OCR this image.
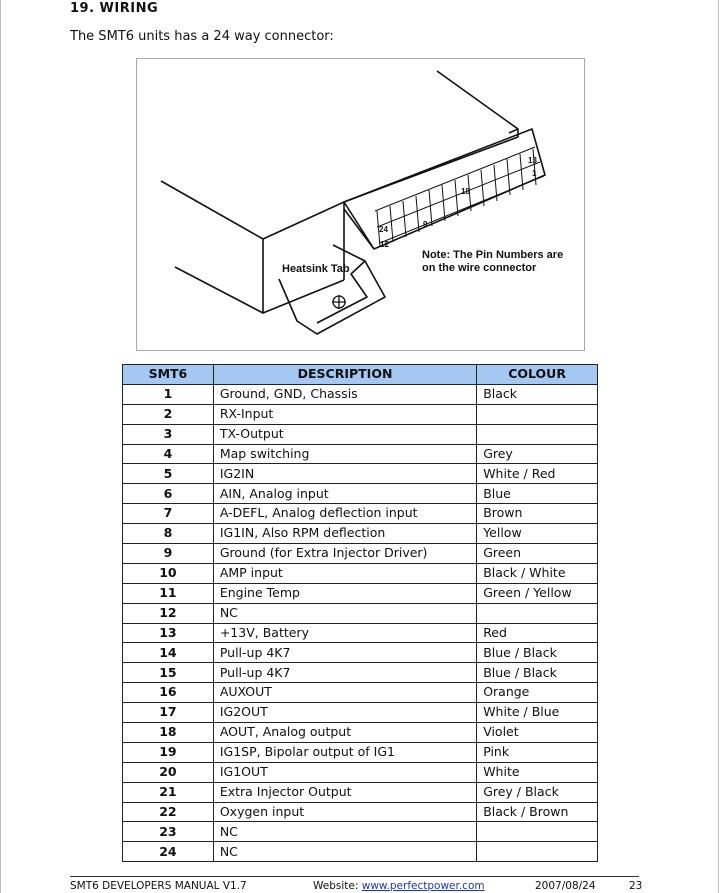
19. WIRING
The SMT6 units has a 24 way connector:
24
12
9
18
13
1
Heatsink Tab
Note: The Pin Numbers are
on the wire connector
SMT6	DESCRIPTION	COLOUR
1	Ground, GND, Chassis	Black
2	RX-Input	
3	TX-Output	
4	Map switching	Grey
5	IG2IN	White / Red
6	AIN, Analog input	Blue
7	A-DEFL, Analog deflection input	Brown
8	IG1IN, Also RPM deflection	Yellow
9	Ground (for Extra Injector Driver)	Green
10	AMP input	Black / White
11	Engine Temp	Green / Yellow
12	NC	
13	+13V, Battery	Red
14	Pull-up 4K7	Blue / Black
15	Pull-up 4K7	Blue / Black
16	AUXOUT	Orange
17	IG2OUT	White / Blue
18	AOUT, Analog output	Violet
19	IG1SP, Bipolar output of IG1	Pink
20	IG1OUT	White
21	Extra Injector Output	Grey / Black
22	Oxygen input	Black / Brown
23	NC	
24	NC	
SMT6 DEVELOPERS MANUAL V1.7	Website: www.perfectpower.com	2007/08/24	23
